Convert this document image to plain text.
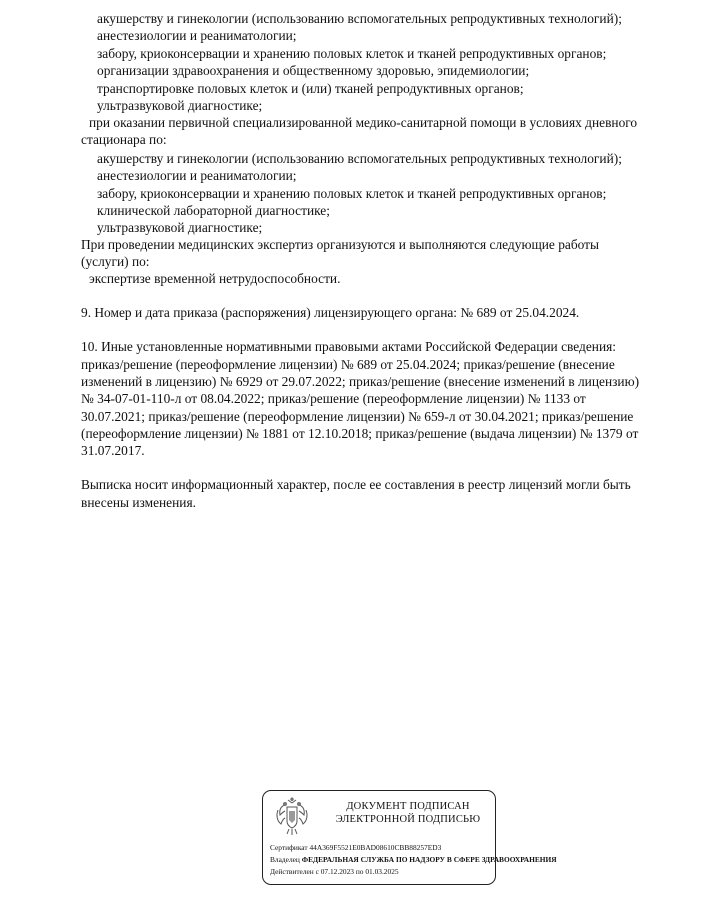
акушерству и гинекологии (использованию вспомогательных репродуктивных технологий);
анестезиологии и реаниматологии;
забору, криоконсервации и хранению половых клеток и тканей репродуктивных органов;
организации здравоохранения и общественному здоровью, эпидемиологии;
транспортировке половых клеток и (или) тканей репродуктивных органов;
ультразвуковой диагностике;
при оказании первичной специализированной медико-санитарной помощи в условиях дневного
стационара по:
акушерству и гинекологии (использованию вспомогательных репродуктивных технологий);
анестезиологии и реаниматологии;
забору, криоконсервации и хранению половых клеток и тканей репродуктивных органов;
клинической лабораторной диагностике;
ультразвуковой диагностике;
При проведении медицинских экспертиз организуются и выполняются следующие работы
(услуги) по:
экспертизе временной нетрудоспособности.
9. Номер и дата приказа (распоряжения) лицензирующего органа: № 689 от 25.04.2024.
10. Иные установленные нормативными правовыми актами Российской Федерации сведения:
приказ/решение (переоформление лицензии) № 689 от 25.04.2024; приказ/решение (внесение
изменений в лицензию) № 6929 от 29.07.2022; приказ/решение (внесение изменений в лицензию)
№ 34-07-01-110-л от 08.04.2022; приказ/решение (переоформление лицензии) № 1133 от
30.07.2021; приказ/решение (переоформление лицензии) № 659-л от 30.04.2021; приказ/решение
(переоформление лицензии) № 1881 от 12.10.2018; приказ/решение (выдача лицензии) № 1379 от
31.07.2017.
Выписка носит информационный характер, после ее составления в реестр лицензий могли быть
внесены изменения.
ДОКУМЕНТ ПОДПИСАН
ЭЛЕКТРОННОЙ ПОДПИСЬЮ
Сертификат 44A369F5521E0BAD08610CBB88257ED3
Владелец ФЕДЕРАЛЬНАЯ СЛУЖБА ПО НАДЗОРУ В СФЕРЕ ЗДРАВООХРАНЕНИЯ
Действителен с 07.12.2023 по 01.03.2025
